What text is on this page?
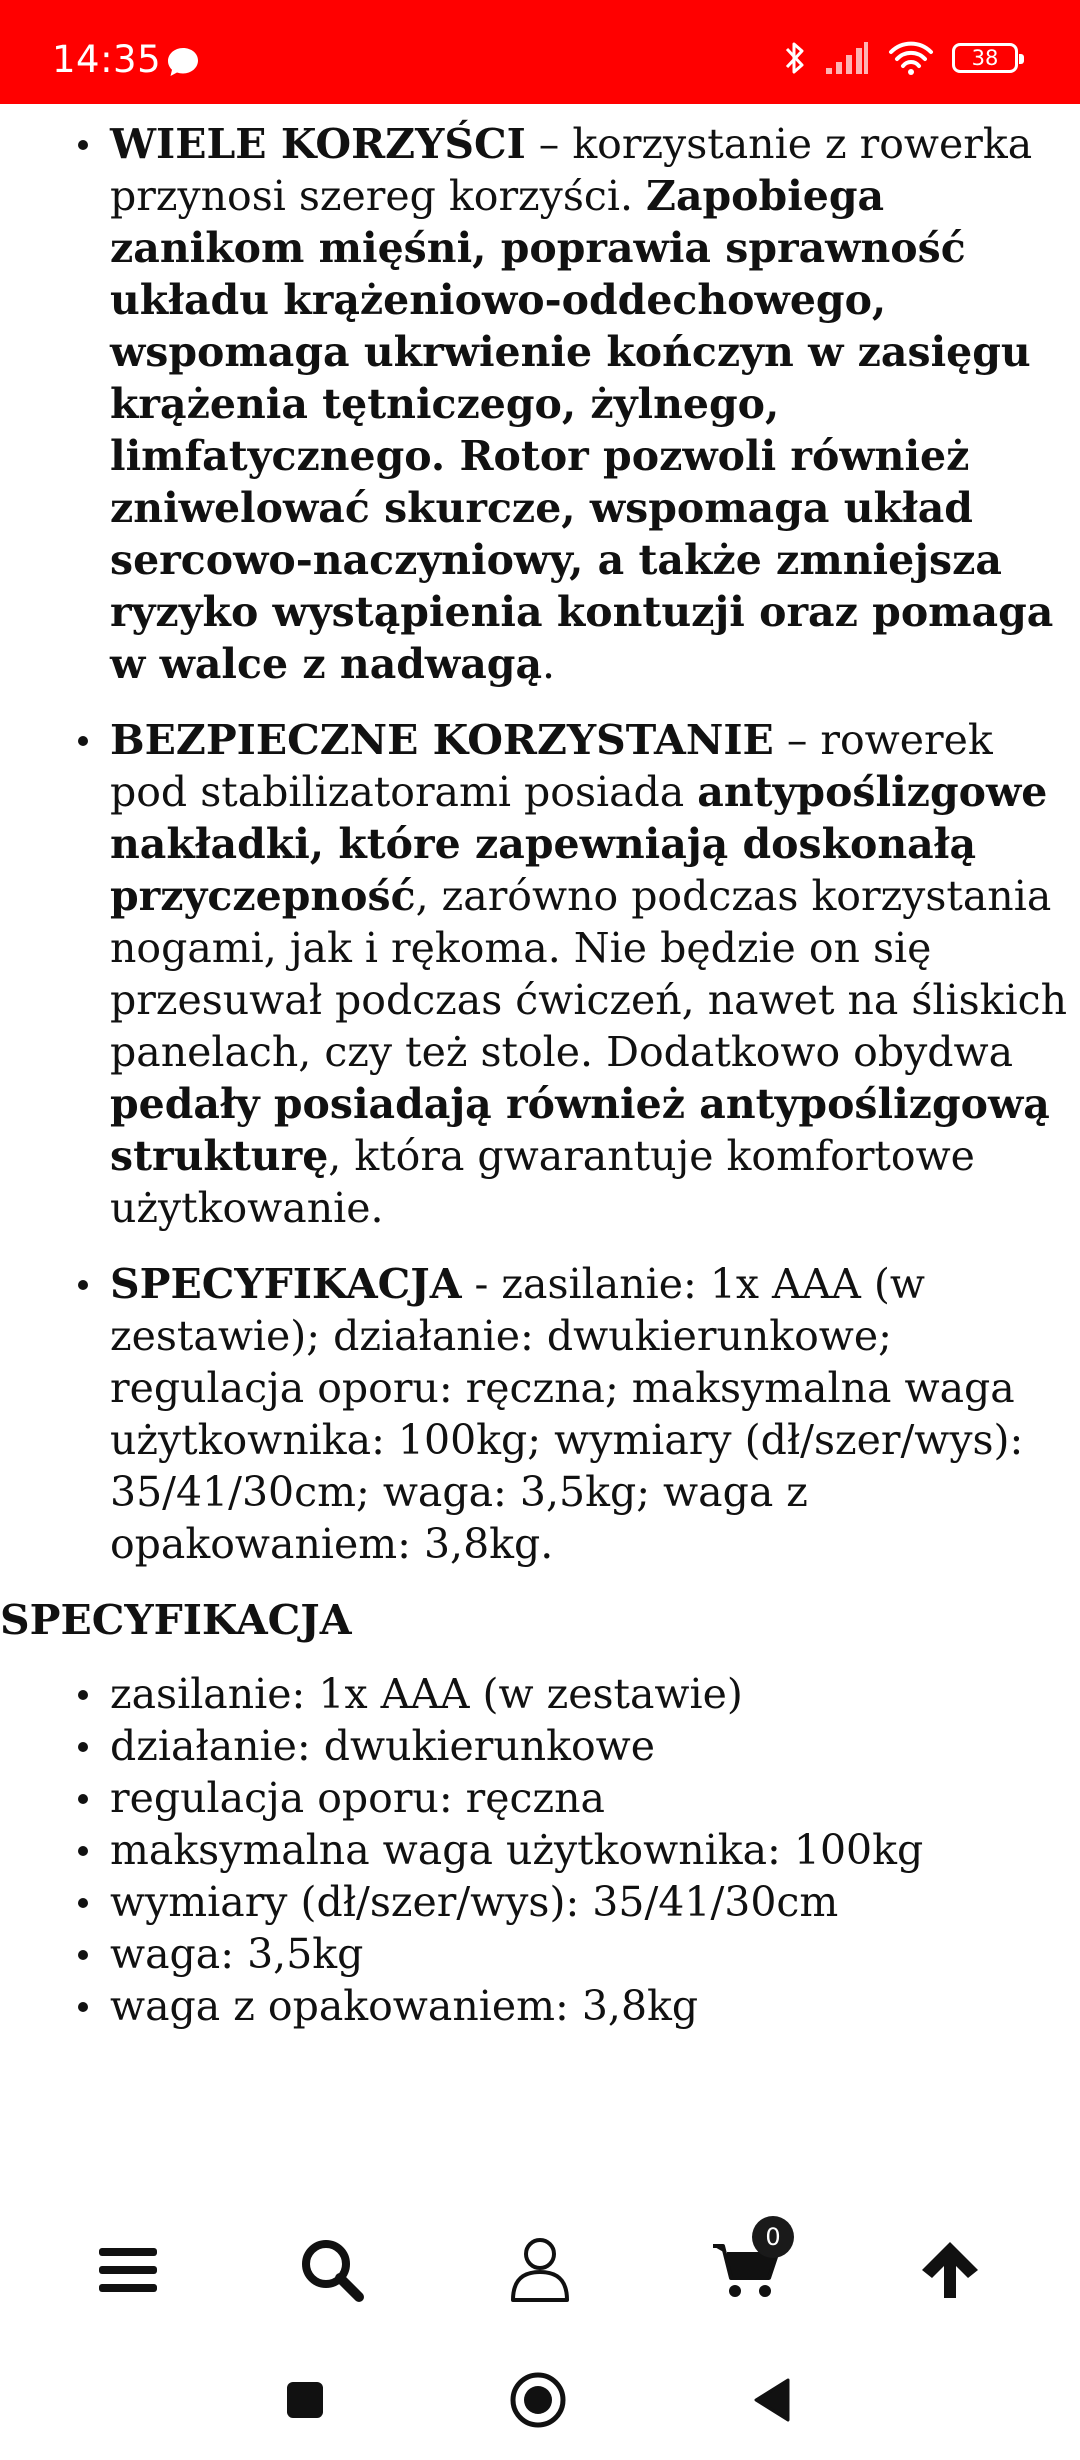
14:35	38
WIELE KORZYŚCI – korzystanie z rowerka przynosi szereg korzyści. Zapobiega zanikom mięśni, poprawia sprawność układu krążeniowo-oddechowego, wspomaga ukrwienie kończyn w zasięgu krążenia tętniczego, żylnego, limfatycznego. Rotor pozwoli również zniwelować skurcze, wspomaga układ sercowo-naczyniowy, a także zmniejsza ryzyko wystąpienia kontuzji oraz pomaga w walce z nadwagą.
BEZPIECZNE KORZYSTANIE – rowerek pod stabilizatorami posiada antypoślizgowe nakładki, które zapewniają doskonałą przyczepność, zarówno podczas korzystania nogami, jak i rękoma. Nie będzie on się przesuwał podczas ćwiczeń, nawet na śliskich panelach, czy też stole. Dodatkowo obydwa pedały posiadają również antypoślizgową strukturę, która gwarantuje komfortowe użytkowanie.
SPECYFIKACJA - zasilanie: 1x AAA (w zestawie); działanie: dwukierunkowe; regulacja oporu: ręczna; maksymalna waga użytkownika: 100kg; wymiary (dł/szer/wys): 35/41/30cm; waga: 3,5kg; waga z opakowaniem: 3,8kg.
SPECYFIKACJA
zasilanie: 1x AAA (w zestawie)
działanie: dwukierunkowe
regulacja oporu: ręczna
maksymalna waga użytkownika: 100kg
wymiary (dł/szer/wys): 35/41/30cm
waga: 3,5kg
waga z opakowaniem: 3,8kg
0
